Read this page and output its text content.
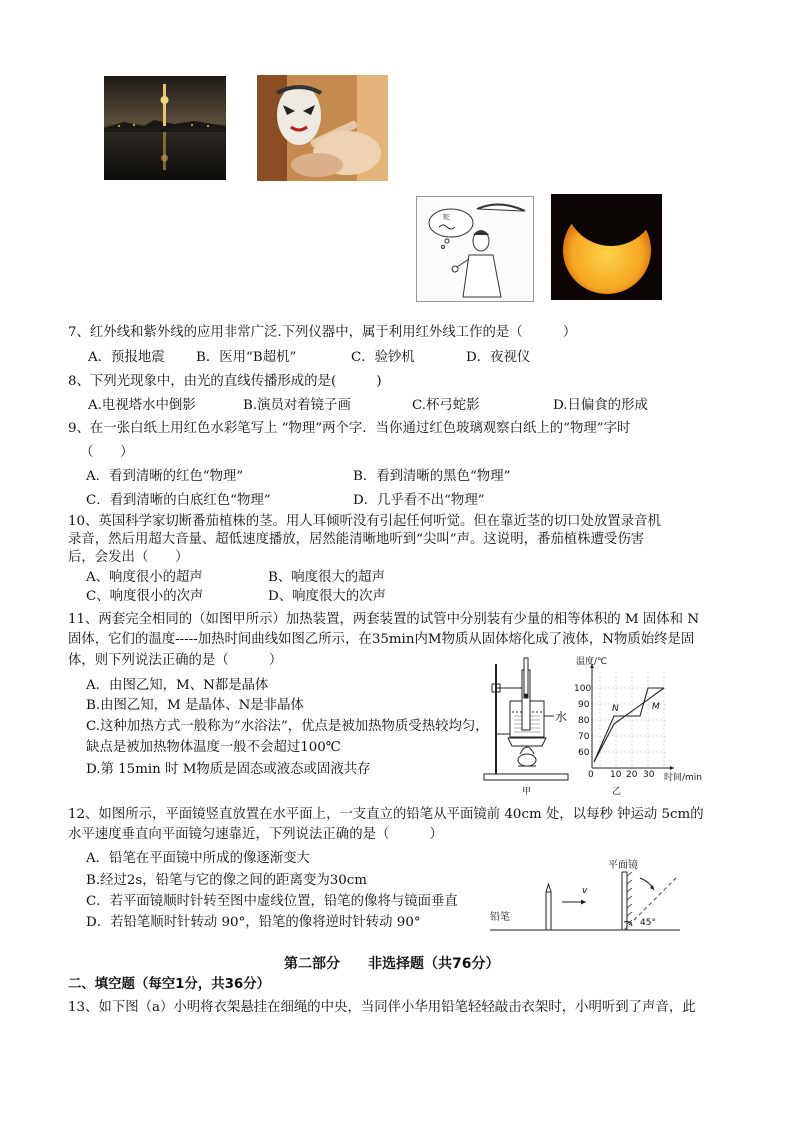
蛇
7、红外线和紫外线的应用非常广泛.下列仪器中，属于利用红外线工作的是（　　　）
A．预报地震 B．医用“B超机”	C．验钞机	D．夜视仪
8、下列光现象中，由光的直线传播形成的是(　　　)
A.电视塔水中倒影	B.演员对着镜子画	C.杯弓蛇影	D.日偏食的形成
9、在一张白纸上用红色水彩笔写上 “物理”两个字．当你通过红色玻璃观察白纸上的“物理”字时
（　　）
A．看到清晰的红色“物理”	B．看到清晰的黑色“物理”
C．看到清晰的白底红色“物理”	D．几乎看不出“物理”
10、英国科学家切断番茄植株的茎。用人耳倾听没有引起任何听觉。但在靠近茎的切口处放置录音机
录音，然后用超大音量、超低速度播放，居然能清晰地听到“尖叫”声。这说明，番茄植株遭受伤害
后，会发出（　　）
A、响度很小的超声	B、响度很大的超声
C、响度很小的次声	D、响度很大的次声
11、两套完全相同的（如图甲所示）加热装置，两套装置的试管中分别装有少量的相等体积的 M 固体和 N
固体，它们的温度-----加热时间曲线如图乙所示，在35min内M物质从固体熔化成了液体，N物质始终是固
体，则下列说法正确的是（　　　）
A．由图乙知，M、N都是晶体
B.由图乙知，M 是晶体、N是非晶体
C.这种加热方式一般称为“水浴法”，优点是被加热物质受热较均匀，
缺点是被加热物体温度一般不会超过100℃
D.第 15min 时 M物质是固态或液态或固液共存
水
甲
温度/℃
100
90
80
70
60
0 10 20 30 时间/min
乙
N	M
12、如图所示，平面镜竖直放置在水平面上，一支直立的铅笔从平面镜前 40cm 处，以每秒 钟运动 5cm的
水平速度垂直向平面镜匀速靠近，下列说法正确的是（　　　）
A．铅笔在平面镜中所成的像逐渐变大
B.经过2s，铅笔与它的像之间的距离变为30cm
C．若平面镜顺时针转至图中虚线位置，铅笔的像将与镜面垂直
D．若铅笔顺时针转动 90°，铅笔的像将逆时针转动 90°
平面镜
铅笔
v
45°
第二部分　　非选择题（共76分）
二、填空题（每空1分，共36分）
13、如下图（a）小明将衣架悬挂在细绳的中央，当同伴小华用铅笔轻轻敲击衣架时，小明听到了声音，此
